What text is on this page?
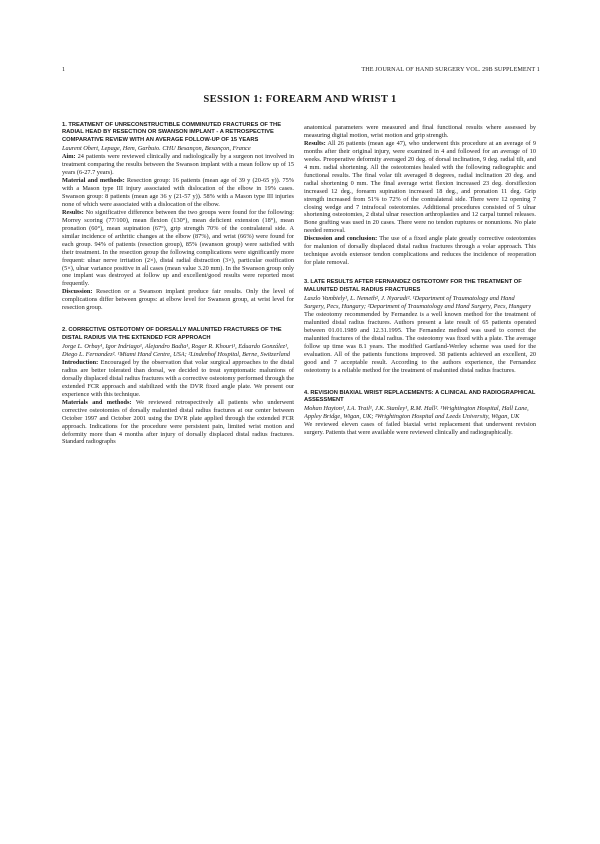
1	THE JOURNAL OF HAND SURGERY VOL. 29B SUPPLEMENT 1
SESSION 1: FOREARM AND WRIST 1

1. TREATMENT OF UNRECONSTRUCTIBLE COMMINUTED FRACTURES OF THE RADIAL HEAD BY RESECTION OR SWANSON IMPLANT - A RETROSPECTIVE COMPARATIVE REVIEW WITH AN AVERAGE FOLLOW-UP OF 15 YEARS

Laurent Obert, Lepage, Hem, Garbuio. CHU Besançon, Besançon, France

Aim: 24 patients were reviewed clinically and radiologically by a surgeon not involved in treatment comparing the results between the Swanson implant with a mean follow up of 15 years (6-27.7 years).

Material and methods: Resection group: 16 patients (mean age of 39 y (20-65 y)). 75% with a Mason type III injury associated with dislocation of the elbow in 19% cases. Swanson group: 8 patients (mean age 36 y (21-57 y)). 58% with a Mason type III injuries none of which were associated with a dislocation of the elbow.

Results: No significative difference between the two groups were found for the following: Morrey scoring (77/100), mean flexion (130°), mean deficient extension (18°), mean pronation (60°), mean supination (67°), grip strength 70% of the contralateral side. A similar incidence of arthritic changes at the elbow (87%), and wrist (66%) were found for each group. 94% of patients (resection group), 85% (swanson group) were satisfied with their treatment. In the resection group the following complications were significantly more frequent: ulnar nerve irritation (2×), distal radial distraction (3×), particular ossification (5×), ulnar variance positive in all cases (mean value 3.20 mm). In the Swanson group only one implant was destroyed at follow up and excellent/good results were reported most frequently.

Discussion: Resection or a Swanson implant produce fair results. Only the level of complications differ between groups: at elbow level for Swanson group, at wrist level for resection group.

2. CORRECTIVE OSTEOTOMY OF DORSALLY MALUNITED FRACTURES OF THE DISTAL RADIUS VIA THE EXTENDED FCR APPROACH

Jorge L. Orbay¹, Igor Indriago¹, Alejandro Badia¹, Roger R. Khouri¹, Eduardo González¹, Diego L. Fernandez². ¹Miami Hand Centre, USA; ²Lindenhof Hospital, Berne, Switzerland

Introduction: Encouraged by the observation that volar surgical approaches to the distal radius are better tolerated than dorsal, we decided to treat symptomatic malunions of dorsally displaced distal radius fractures with a corrective osteotomy performed through the extended FCR approach and stabilized with the DVR fixed angle plate. We present our experience with this technique.

Materials and methods: We reviewed retrospectively all patients who underwent corrective osteotomies of dorsally malunited distal radius fractures at our center between October 1997 and October 2001 using the DVR plate applied through the extended FCR approach. Indications for the procedure were persistent pain, limited wrist motion and deformity more than 4 months after injury of dorsally displaced distal radius fractures. Standard radiographs

anatomical parameters were measured and final functional results where assessed by measuring digital motion, wrist motion and grip strength.

Results: All 26 patients (mean age 47), who underwent this procedure at an average of 9 months after their original injury, were examined in 4 and followed for an average of 10 weeks. Preoperative deformity averaged 20 deg. of dorsal inclination, 9 deg. radial tilt, and 4 mm. radial shortening. All the osteotomies healed with the following radiographic and functional results. The final volar tilt averaged 8 degrees, radial inclination 20 deg. and radial shortening 0 mm. The final average wrist flexion increased 23 deg. dorsiflexion increased 12 deg., forearm supination increased 18 deg., and pronation 11 deg. Grip strength increased from 51% to 72% of the contralateral side. There were 12 opening 7 closing wedge and 7 intrafocal osteotomies. Additional procedures consisted of 5 ulnar shortening osteotomies, 2 distal ulnar resection arthroplasties and 12 carpal tunnel releases. Bone grafting was used in 20 cases. There were no tendon ruptures or nonunions. No plate needed removal.

Discussion and conclusion: The use of a fixed angle plate greatly corrective osteotomies for malunion of dorsally displaced distal radius fractures through a volar approach. This technique avoids extensor tendon complications and reduces the incidence of reoperation for plate removal.

3. LATE RESULTS AFTER FERNANDEZ OSTEOTOMY FOR THE TREATMENT OF MALUNITED DISTAL RADIUS FRACTURES

Laszlo Vambiely¹, L. Nemeth², J. Nyaradi². ¹Department of Traumatology and Hand Surgery, Pecs, Hungary; ²Department of Traumatology and Hand Surgery, Pecs, Hungary

The osteotomy recommended by Fernandez is a well known method for the treatment of malunited distal radius fractures. Authors present a late result of 65 patients operated between 01.01.1989 and 12.31.1995. The Fernandez method was used to correct the malunited fractures of the distal radius. The osteotomy was fixed with a plate. The average follow up time was 8.1 years. The modified Gartland-Werley scheme was used for the evaluation. All of the patients functions improved. 38 patients achieved an excellent, 20 good and 7 acceptable result. According to the authors experience, the Fernandez osteotomy is a reliable method for the treatment of malunited distal radius fractures.

4. REVISION BIAXIAL WRIST REPLACEMENTS: A CLINICAL AND RADIOGRAPHICAL ASSESSMENT

Mohan Hayton¹, I.A. Trail¹, J.K. Stanley¹, R.M. Hall². ¹Wrightington Hospital, Hall Lane, Appley Bridge, Wigan, UK; ²Wrightington Hospital and Leeds University, Wigan, UK

We reviewed eleven cases of failed biaxial wrist replacement that underwent revision surgery. Patients that were available were reviewed clinically and radiographically.
